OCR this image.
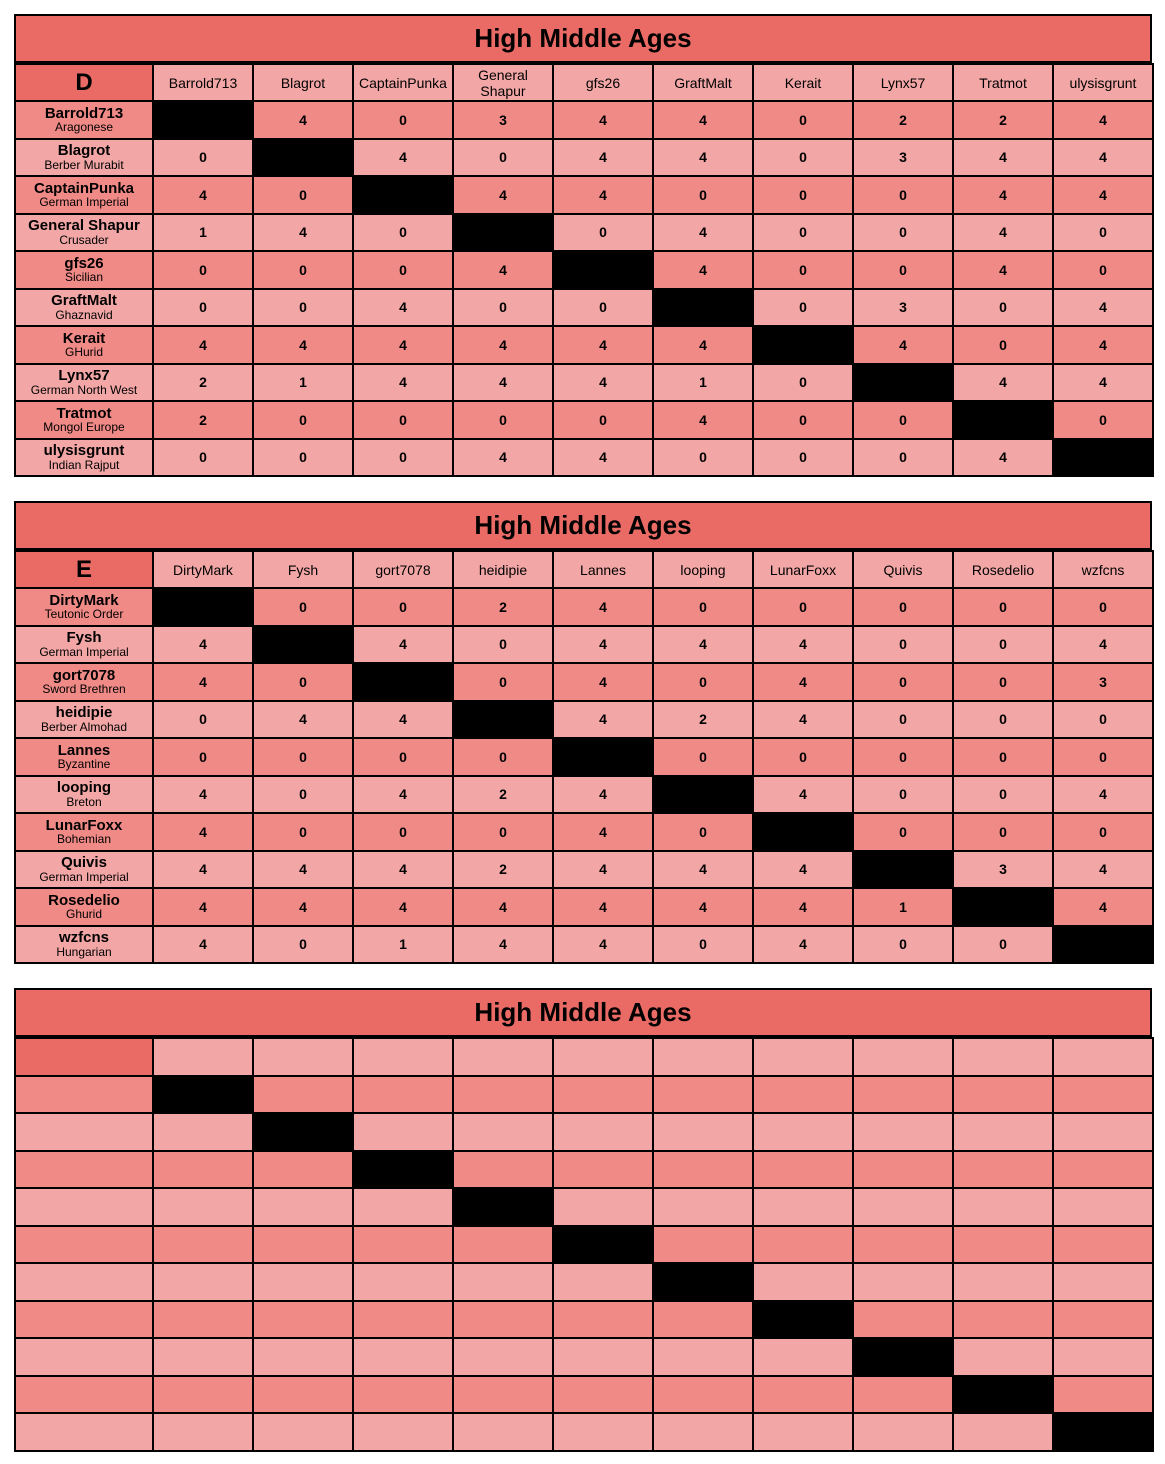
High Middle Ages
D	Barrold713	Blagrot	CaptainPunka	General Shapur	gfs26	GraftMalt	Kerait	Lynx57	Tratmot	ulysisgrunt

Barrold713
Aragonese		4	0	3	4	4	0	2	2	4

Blagrot
Berber Murabit	0		4	0	4	4	0	3	4	4

CaptainPunka
German Imperial	4	0		4	4	0	0	0	4	4

General Shapur
Crusader	1	4	0		0	4	0	0	4	0

gfs26
Sicilian	0	0	0	4		4	0	0	4	0

GraftMalt
Ghaznavid	0	0	4	0	0		0	3	0	4

Kerait
GHurid	4	4	4	4	4	4		4	0	4

Lynx57
German North West	2	1	4	4	4	1	0		4	4

Tratmot
Mongol Europe	2	0	0	0	0	4	0	0		0

ulysisgrunt
Indian Rajput	0	0	0	4	4	0	0	0	4	
High Middle Ages
E	DirtyMark	Fysh	gort7078	heidipie	Lannes	looping	LunarFoxx	Quivis	Rosedelio	wzfcns

DirtyMark
Teutonic Order		0	0	2	4	0	0	0	0	0

Fysh
German Imperial	4		4	0	4	4	4	0	0	4

gort7078
Sword Brethren	4	0		0	4	0	4	0	0	3

heidipie
Berber Almohad	0	4	4		4	2	4	0	0	0

Lannes
Byzantine	0	0	0	0		0	0	0	0	0

looping
Breton	4	0	4	2	4		4	0	0	4

LunarFoxx
Bohemian	4	0	0	0	4	0		0	0	0

Quivis
German Imperial	4	4	4	2	4	4	4		3	4

Rosedelio
Ghurid	4	4	4	4	4	4	4	1		4

wzfcns
Hungarian	4	0	1	4	4	0	4	0	0	
High Middle Ages
